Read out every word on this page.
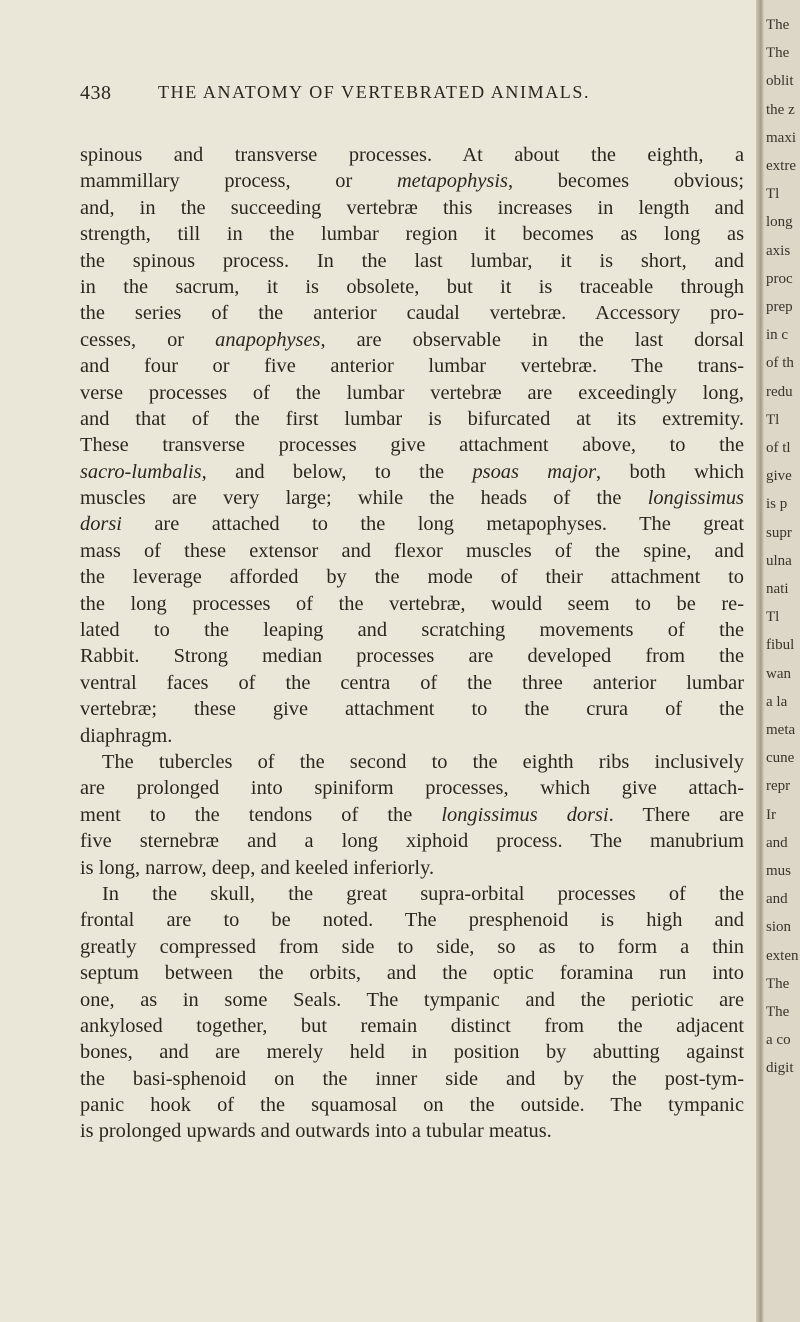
438	THE ANATOMY OF VERTEBRATED ANIMALS.
spinous and transverse processes. At about the eighth, a
mammillary process, or metapophysis, becomes obvious;
and, in the succeeding vertebræ this increases in length and
strength, till in the lumbar region it becomes as long as
the spinous process. In the last lumbar, it is short, and
in the sacrum, it is obsolete, but it is traceable through
the series of the anterior caudal vertebræ. Accessory pro-
cesses, or anapophyses, are observable in the last dorsal
and four or five anterior lumbar vertebræ. The trans-
verse processes of the lumbar vertebræ are exceedingly long,
and that of the first lumbar is bifurcated at its extremity.
These transverse processes give attachment above, to the
sacro-lumbalis, and below, to the psoas major, both which
muscles are very large; while the heads of the longissimus
dorsi are attached to the long metapophyses. The great
mass of these extensor and flexor muscles of the spine, and
the leverage afforded by the mode of their attachment to
the long processes of the vertebræ, would seem to be re-
lated to the leaping and scratching movements of the
Rabbit. Strong median processes are developed from the
ventral faces of the centra of the three anterior lumbar
vertebræ; these give attachment to the crura of the
diaphragm.
The tubercles of the second to the eighth ribs inclusively
are prolonged into spiniform processes, which give attach-
ment to the tendons of the longissimus dorsi. There are
five sternebræ and a long xiphoid process. The manubrium
is long, narrow, deep, and keeled inferiorly.
In the skull, the great supra-orbital processes of the
frontal are to be noted. The presphenoid is high and
greatly compressed from side to side, so as to form a thin
septum between the orbits, and the optic foramina run into
one, as in some Seals. The tympanic and the periotic are
ankylosed together, but remain distinct from the adjacent
bones, and are merely held in position by abutting against
the basi-sphenoid on the inner side and by the post-tym-
panic hook of the squamosal on the outside. The tympanic
is prolonged upwards and outwards into a tubular meatus.
The
The
oblit
the z
maxi
extre
Tl
long
axis
proc
prep
in c
of th
redu
Tl
of tl
give
is p
supr
ulna
nati
Tl
fibul
wan
a la
meta
cune
repr
Ir
and
mus
and
sion
exten
The
The
a co
digit
